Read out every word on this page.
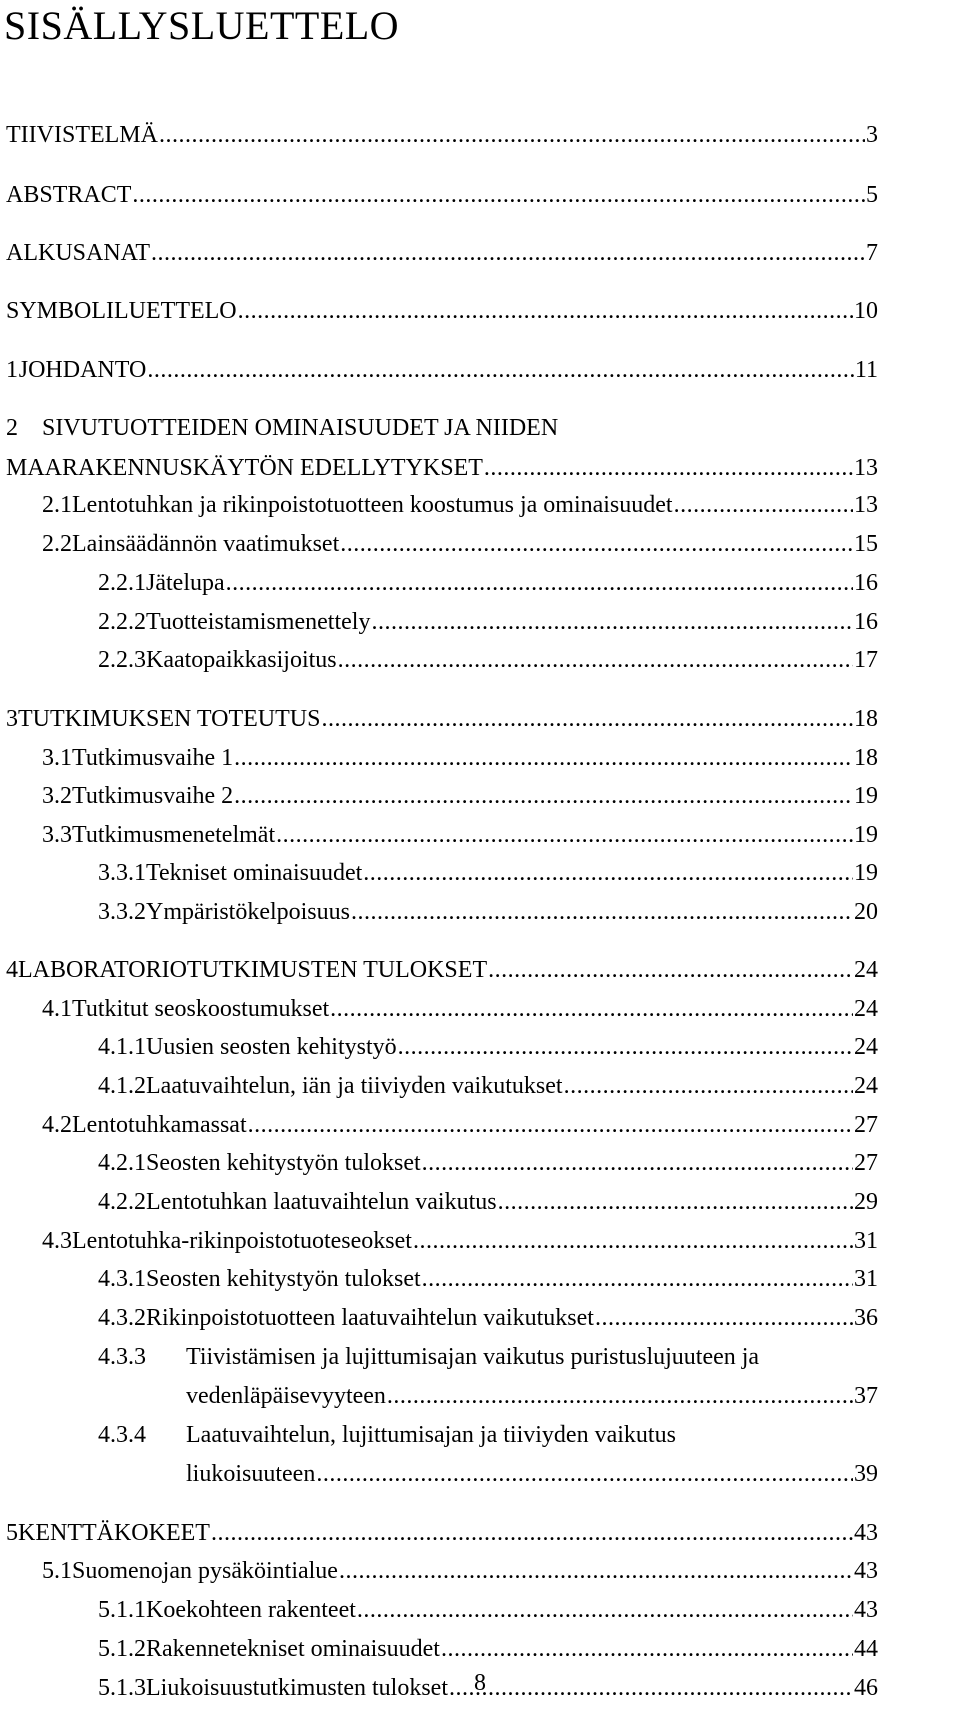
SISÄLLYSLUETTELO
TIIVISTELMÄ .....	3
ABSTRACT .....	5
ALKUSANAT .....	7
SYMBOLILUETTELO .....	10
1 JOHDANTO .....	11
2	SIVUTUOTTEIDEN OMINAISUUDET JA NIIDEN
MAARAKENNUSKÄYTÖN EDELLYTYKSET .....	13
2.1 Lentotuhkan ja rikinpoistotuotteen koostumus ja ominaisuudet .....	13
2.2 Lainsäädännön vaatimukset .....	15
2.2.1 Jätelupa .....	16
2.2.2 Tuotteistamismenettely .....	16
2.2.3 Kaatopaikkasijoitus .....	17
3 TUTKIMUKSEN TOTEUTUS .....	18
3.1 Tutkimusvaihe 1 .....	18
3.2 Tutkimusvaihe 2 .....	19
3.3 Tutkimusmenetelmät .....	19
3.3.1 Tekniset ominaisuudet .....	19
3.3.2 Ympäristökelpoisuus .....	20
4 LABORATORIOTUTKIMUSTEN TULOKSET .....	24
4.1 Tutkitut seoskoostumukset .....	24
4.1.1 Uusien seosten kehitystyö .....	24
4.1.2 Laatuvaihtelun, iän ja tiiviyden vaikutukset .....	24
4.2 Lentotuhkamassat .....	27
4.2.1 Seosten kehitystyön tulokset .....	27
4.2.2 Lentotuhkan laatuvaihtelun vaikutus .....	29
4.3 Lentotuhka-rikinpoistotuoteseokset .....	31
4.3.1 Seosten kehitystyön tulokset .....	31
4.3.2 Rikinpoistotuotteen laatuvaihtelun vaikutukset .....	36
4.3.3	Tiivistämisen ja lujittumisajan vaikutus puristuslujuuteen ja
vedenläpäisevyyteen .....	37
4.3.4	Laatuvaihtelun, lujittumisajan ja tiiviyden vaikutus
liukoisuuteen .....	39
5 KENTTÄKOKEET .....	43
5.1 Suomenojan pysäköintialue .....	43
5.1.1 Koekohteen rakenteet .....	43
5.1.2 Rakennetekniset ominaisuudet .....	44
5.1.3 Liukoisuustutkimusten tulokset .....	46
8
